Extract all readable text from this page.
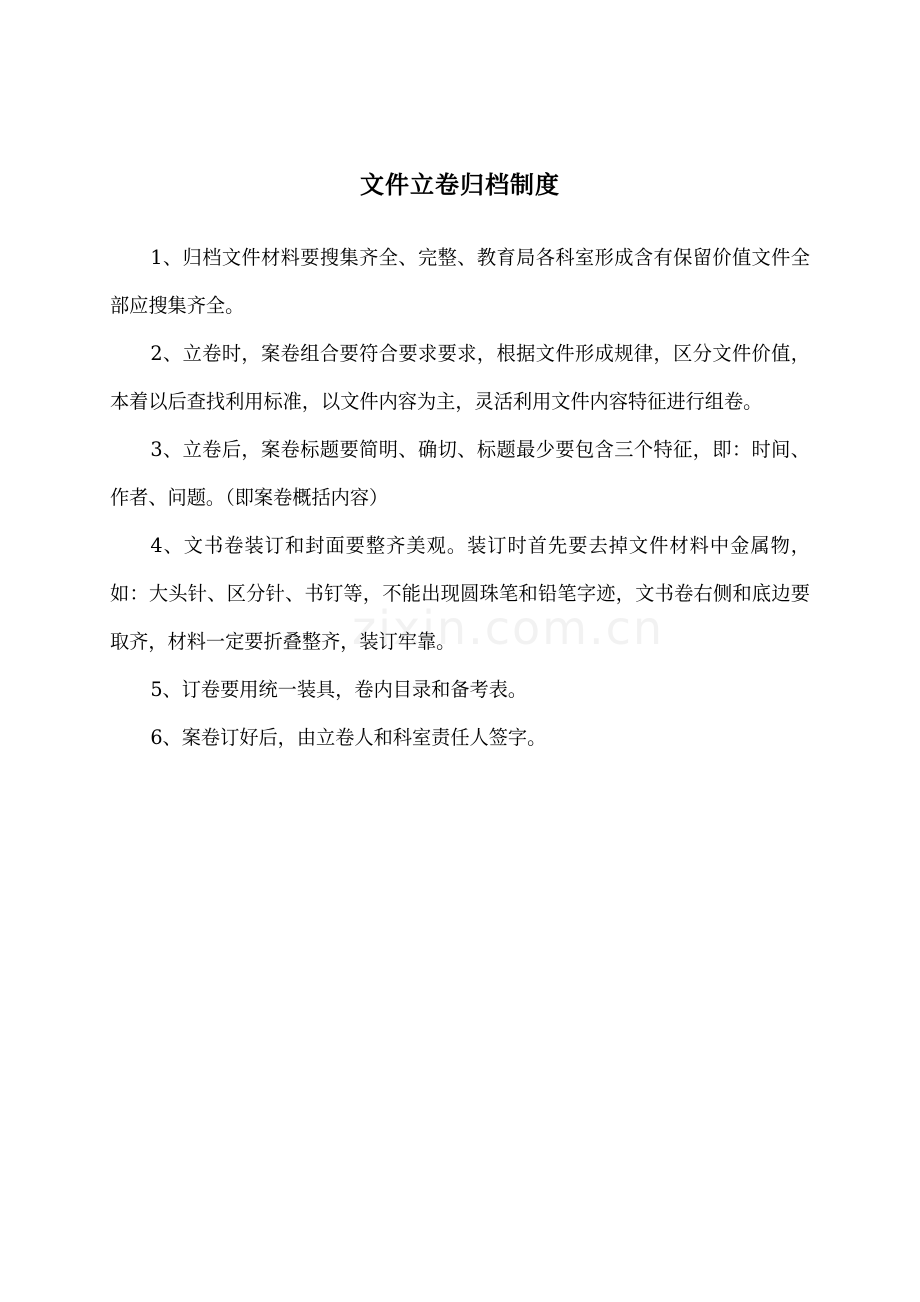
文件立卷归档制度

1、归档文件材料要搜集齐全、完整、教育局各科室形成含有保留价值文件全部应搜集齐全。

2、立卷时，案卷组合要符合要求要求，根据文件形成规律，区分文件价值，本着以后查找利用标准，以文件内容为主，灵活利用文件内容特征进行组卷。

3、立卷后，案卷标题要简明、确切、标题最少要包含三个特征，即：时间、作者、问题。（即案卷概括内容）

4、文书卷装订和封面要整齐美观。装订时首先要去掉文件材料中金属物，如：大头针、区分针、书钉等，不能出现圆珠笔和铅笔字迹，文书卷右侧和底边要取齐，材料一定要折叠整齐，装订牢靠。

5、订卷要用统一装具，卷内目录和备考表。

6、案卷订好后，由立卷人和科室责任人签字。

zixin.com.cn
